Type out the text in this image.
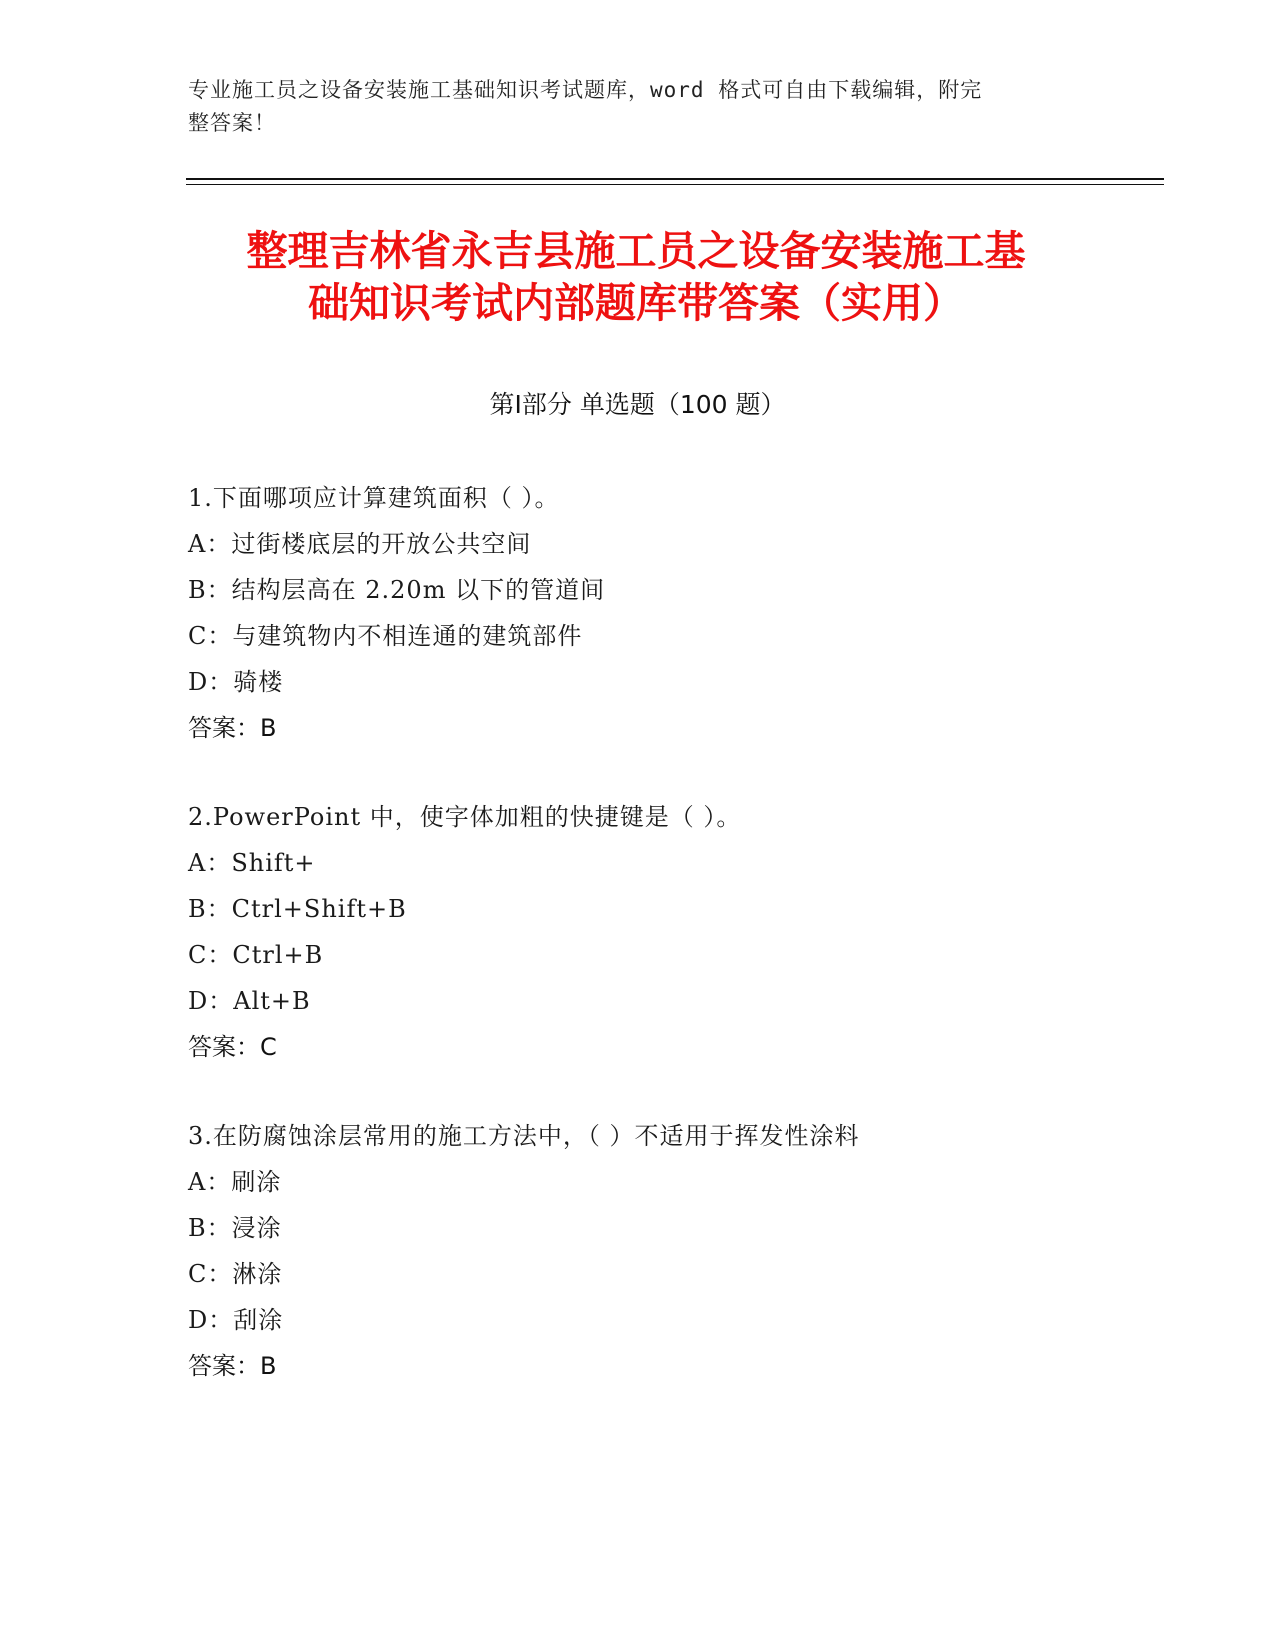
专业施工员之设备安装施工基础知识考试题库，word 格式可自由下载编辑，附完
整答案！
整理吉林省永吉县施工员之设备安装施工基
础知识考试内部题库带答案（实用）
第Ⅰ部分 单选题（100 题）
1.下面哪项应计算建筑面积（ ）。
A：过街楼底层的开放公共空间
B：结构层高在 2.20m 以下的管道间
C：与建筑物内不相连通的建筑部件
D：骑楼
答案：B
2.PowerPoint 中，使字体加粗的快捷键是（ ）。
A：Shift+
B：Ctrl+Shift+B
C：Ctrl+B
D：Alt+B
答案：C
3.在防腐蚀涂层常用的施工方法中，（ ）不适用于挥发性涂料
A：刷涂
B：浸涂
C：淋涂
D：刮涂
答案：B
